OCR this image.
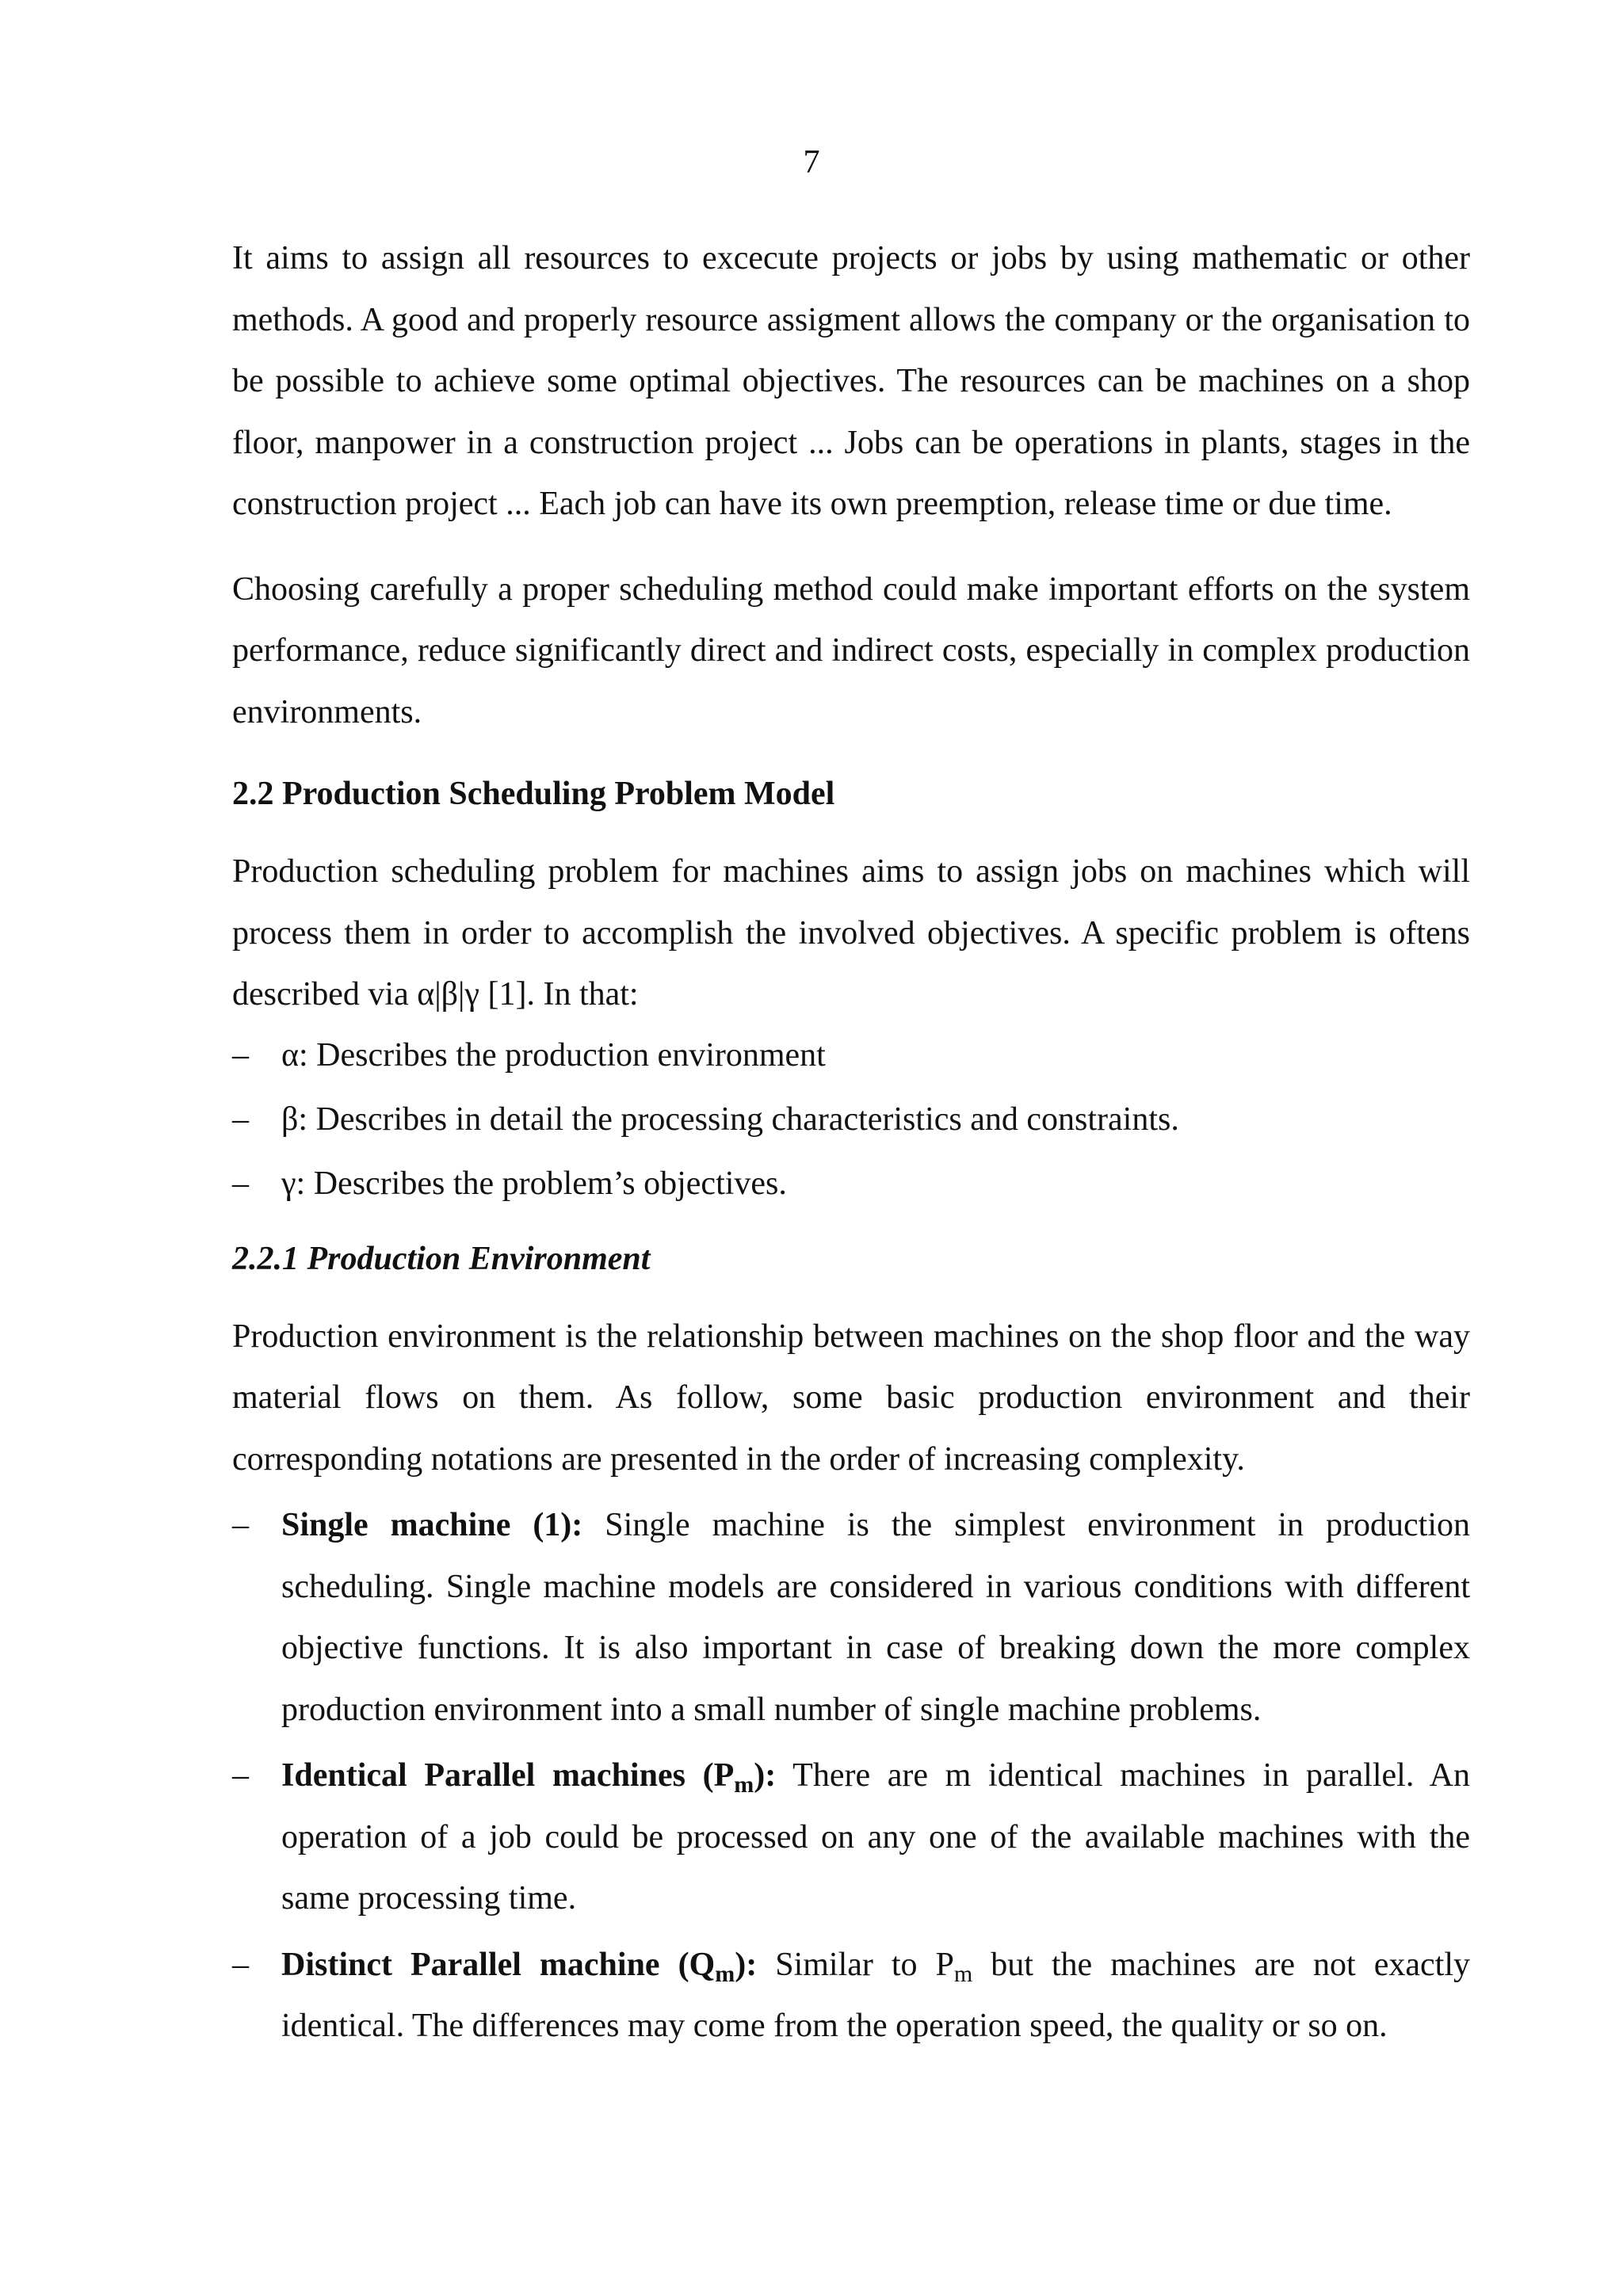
7

It aims to assign all resources to excecute projects or jobs by using mathematic or other methods. A good and properly resource assigment allows the company or the organisation to be possible to achieve some optimal objectives. The resources can be machines on a shop floor, manpower in a construction project ... Jobs can be operations in plants, stages in the construction project ... Each job can have its own preemption, release time or due time.

Choosing carefully a proper scheduling method could make important efforts on the system performance, reduce significantly direct and indirect costs, especially in complex production environments.

2.2 Production Scheduling Problem Model

Production scheduling problem for machines aims to assign jobs on machines which will process them in order to accomplish the involved objectives. A specific problem is oftens described via α|β|γ [1]. In that:

– α: Describes the production environment
– β: Describes in detail the processing characteristics and constraints.
– γ: Describes the problem’s objectives.
2.2.1 Production Environment

Production environment is the relationship between machines on the shop floor and the way material flows on them. As follow, some basic production environment and their corresponding notations are presented in the order of increasing complexity.

– Single machine (1): Single machine is the simplest environment in production scheduling. Single machine models are considered in various conditions with different objective functions. It is also important in case of breaking down the more complex production environment into a small number of single machine problems.
– Identical Parallel machines $(P_m)$: There are m identical machines in parallel. An operation of a job could be processed on any one of the available machines with the same processing time.
– Distinct Parallel machine $(Q_m)$: Similar to $P_m$ but the machines are not exactly identical. The differences may come from the operation speed, the quality or so on.
